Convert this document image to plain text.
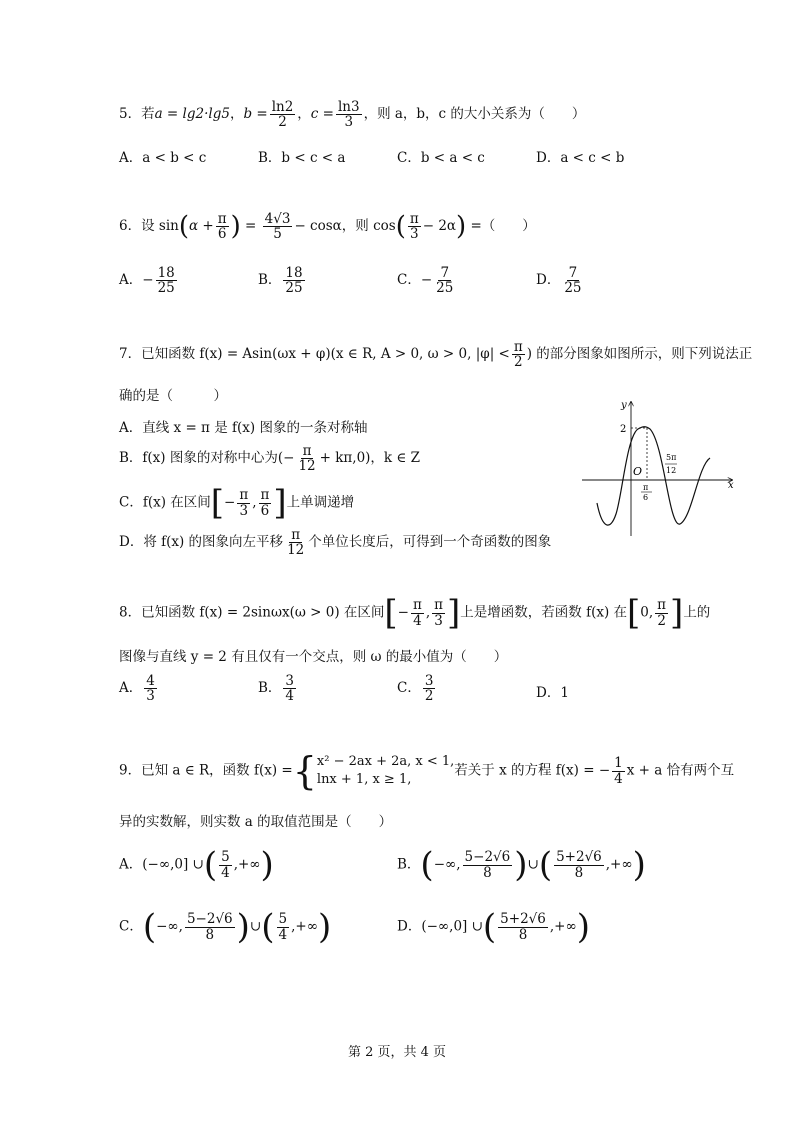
5．若a = lg2·lg5，$b = \frac{\ln 2}{2}$ ，$c = \frac{\ln 3}{3}$ ，则 a，b，c 的大小关系为（　　）
A．a < b < c	B．b < c < a	C．b < a < c	D．a < c < b
6．设 $\sin(\alpha + \frac{\pi}{6}$ ) = $\frac{4√3}{5} - \cos\alpha$，则 $\cos( \frac{\pi}{3} - 2\alpha)$ =（　　）
A．− $\frac{18}{25}$	B． $\frac{18}{25}$	C．− $\frac{7}{25}$	D． $\frac{7}{25}$
7．已知函数 f(x) = Asin(ωx + φ)(x ∈ R, A > 0, ω > 0, $|\varphi| < \frac{\pi}{2}$ ) 的部分图象如图所示，则下列说法正
确的是（　　　）
A．直线 x = π 是 f(x) 图象的一条对称轴
B．f(x) 图象的对称中心为(− $\frac{\pi}{12} + k\pi,0$)，k ∈ Z
C．f(x) 在区间[− $\frac{\pi}{3}$ , $\frac{\pi}{6}$ ]上单调递增
D．将 f(x) 的图象向左平移 $\frac{\pi}{12}$ 个单位长度后，可得到一个奇函数的图象
y
x
O
2
π
6
5π
12
8．已知函数 f(x) = 2sinωx(ω > 0) 在区间[− $\frac{\pi}{4}$ , $\frac{\pi}{3}$ ]上是增函数，若函数 f(x) 在[0, $\frac{\pi}{2}$ ]上的
图像与直线 y = 2 有且仅有一个交点，则 ω 的最小值为（　　）
A． $\frac{4}{3}$	B． $\frac{3}{4}$	C． $\frac{3}{2}$	D．1
9．已知 a ∈ R，函数 f(x) ={ x² − 2ax + 2a, x < 1,
lnx + 1, x ≥ 1,
若关于 x 的方程 f(x) = − $\frac{1}{4}$ x + a 恰有两个互
异的实数解，则实数 a 的取值范围是（　　）
A．(−∞,0] ∪( $\frac{5}{4}$ ,+∞)	B．(−∞, $\frac{5-2√6}{8}$ )∪( $\frac{5+2√6}{8}$ ,+∞)
C．(−∞, $\frac{5-2√6}{8}$ )∪( $\frac{5}{4}$ ,+∞)	D．(−∞,0] ∪( $\frac{5+2√6}{8}$ ,+∞)
第 2 页，共 4 页
